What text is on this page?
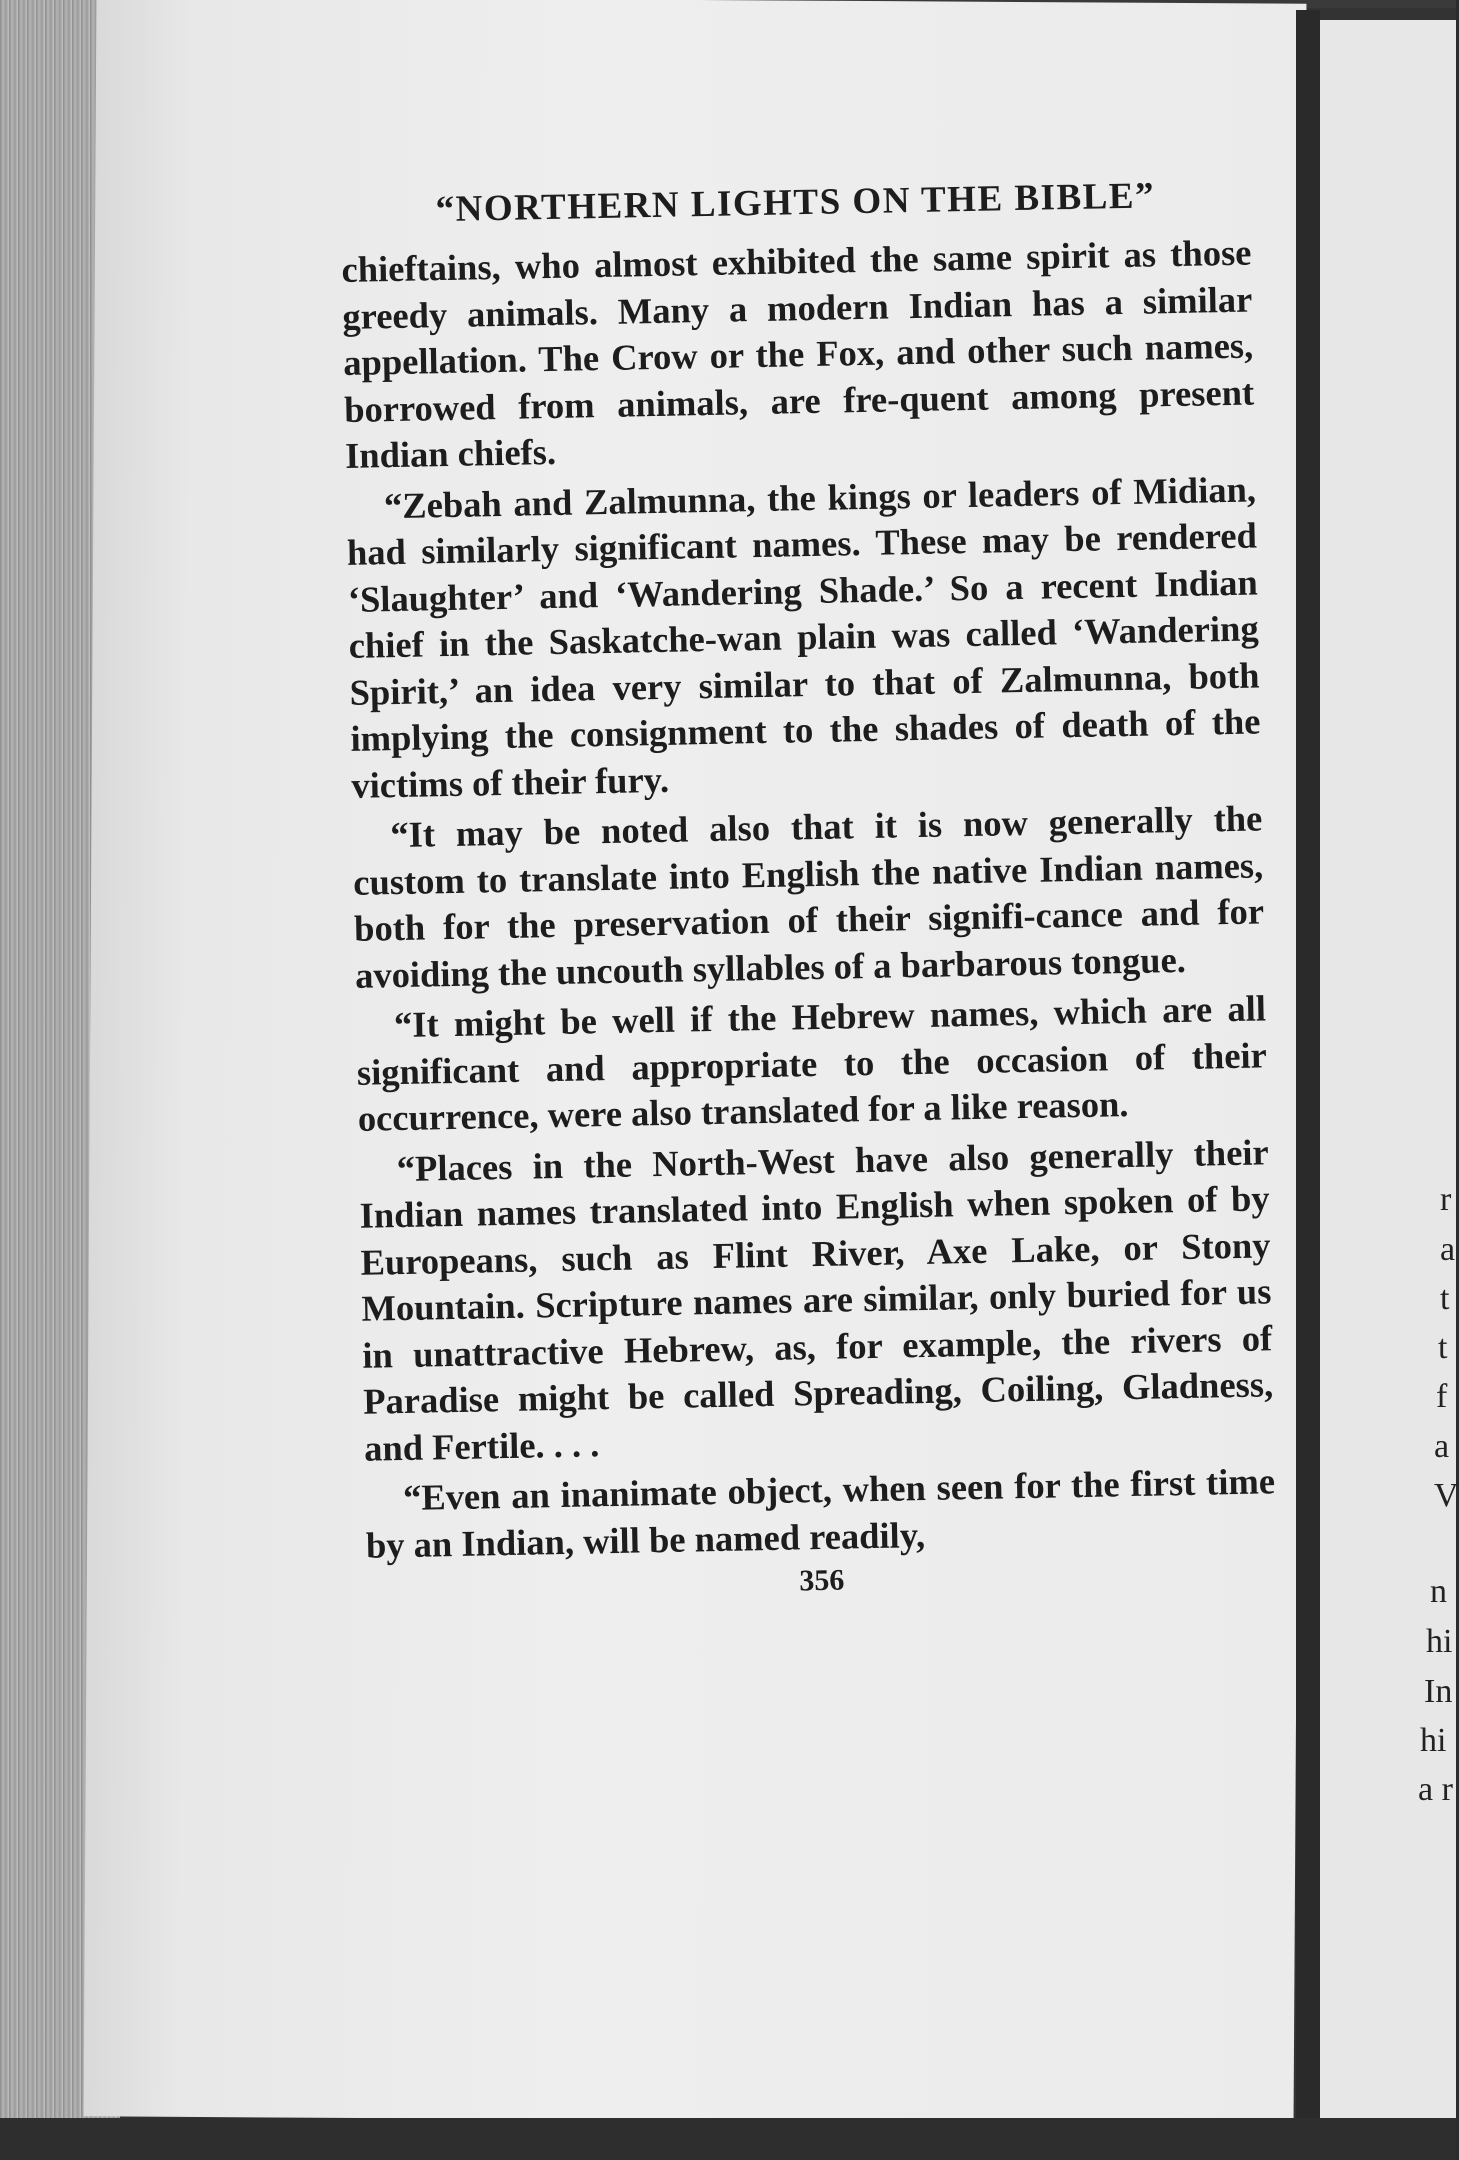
“NORTHERN LIGHTS ON THE BIBLE”

chieftains, who almost exhibited the same spirit as those greedy animals. Many a modern Indian has a similar appellation. The Crow or the Fox, and other such names, borrowed from animals, are fre-quent among present Indian chiefs.

“Zebah and Zalmunna, the kings or leaders of Midian, had similarly significant names. These may be rendered ‘Slaughter’ and ‘Wandering Shade.’ So a recent Indian chief in the Saskatche-wan plain was called ‘Wandering Spirit,’ an idea very similar to that of Zalmunna, both implying the consignment to the shades of death of the victims of their fury.

“It may be noted also that it is now generally the custom to translate into English the native Indian names, both for the preservation of their signifi-cance and for avoiding the uncouth syllables of a barbarous tongue.

“It might be well if the Hebrew names, which are all significant and appropriate to the occasion of their occurrence, were also translated for a like reason.

“Places in the North-West have also generally their Indian names translated into English when spoken of by Europeans, such as Flint River, Axe Lake, or Stony Mountain. Scripture names are similar, only buried for us in unattractive Hebrew, as, for example, the rivers of Paradise might be called Spreading, Coiling, Gladness, and Fertile. . . .

“Even an inanimate object, when seen for the first time by an Indian, will be named readily,

356
r
a
t
t
f
a
V
n
hi
In
hi
a r
